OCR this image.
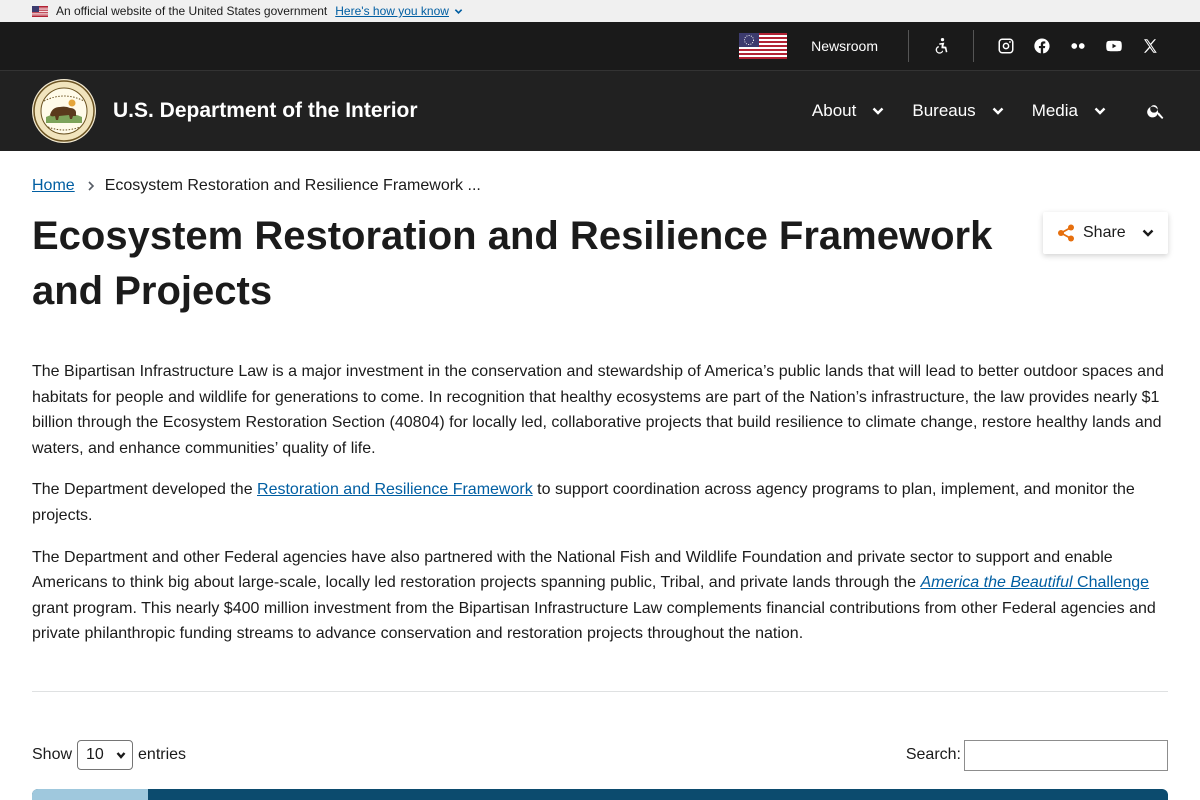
An official website of the United States government Here's how you know
Newsroom
U.S. Department of the Interior	About	Bureaus	Media
Home Ecosystem Restoration and Resilience Framework ...
Ecosystem Restoration and Resilience Framework and Projects
Share

The Bipartisan Infrastructure Law is a major investment in the conservation and stewardship of America’s public lands that will lead to better outdoor spaces and habitats for people and wildlife for generations to come. In recognition that healthy ecosystems are part of the Nation’s infrastructure, the law provides nearly $1 billion through the Ecosystem Restoration Section (40804) for locally led, collaborative projects that build resilience to climate change, restore healthy lands and waters, and enhance communities’ quality of life.

The Department developed the Restoration and Resilience Framework to support coordination across agency programs to plan, implement, and monitor the projects.

The Department and other Federal agencies have also partnered with the National Fish and Wildlife Foundation and private sector to support and enable Americans to think big about large-scale, locally led restoration projects spanning public, Tribal, and private lands through the America the Beautiful Challenge grant program. This nearly $400 million investment from the Bipartisan Infrastructure Law complements financial contributions from other Federal agencies and private philanthropic funding streams to advance conservation and restoration projects throughout the nation.

Show 10 entries	Search:
